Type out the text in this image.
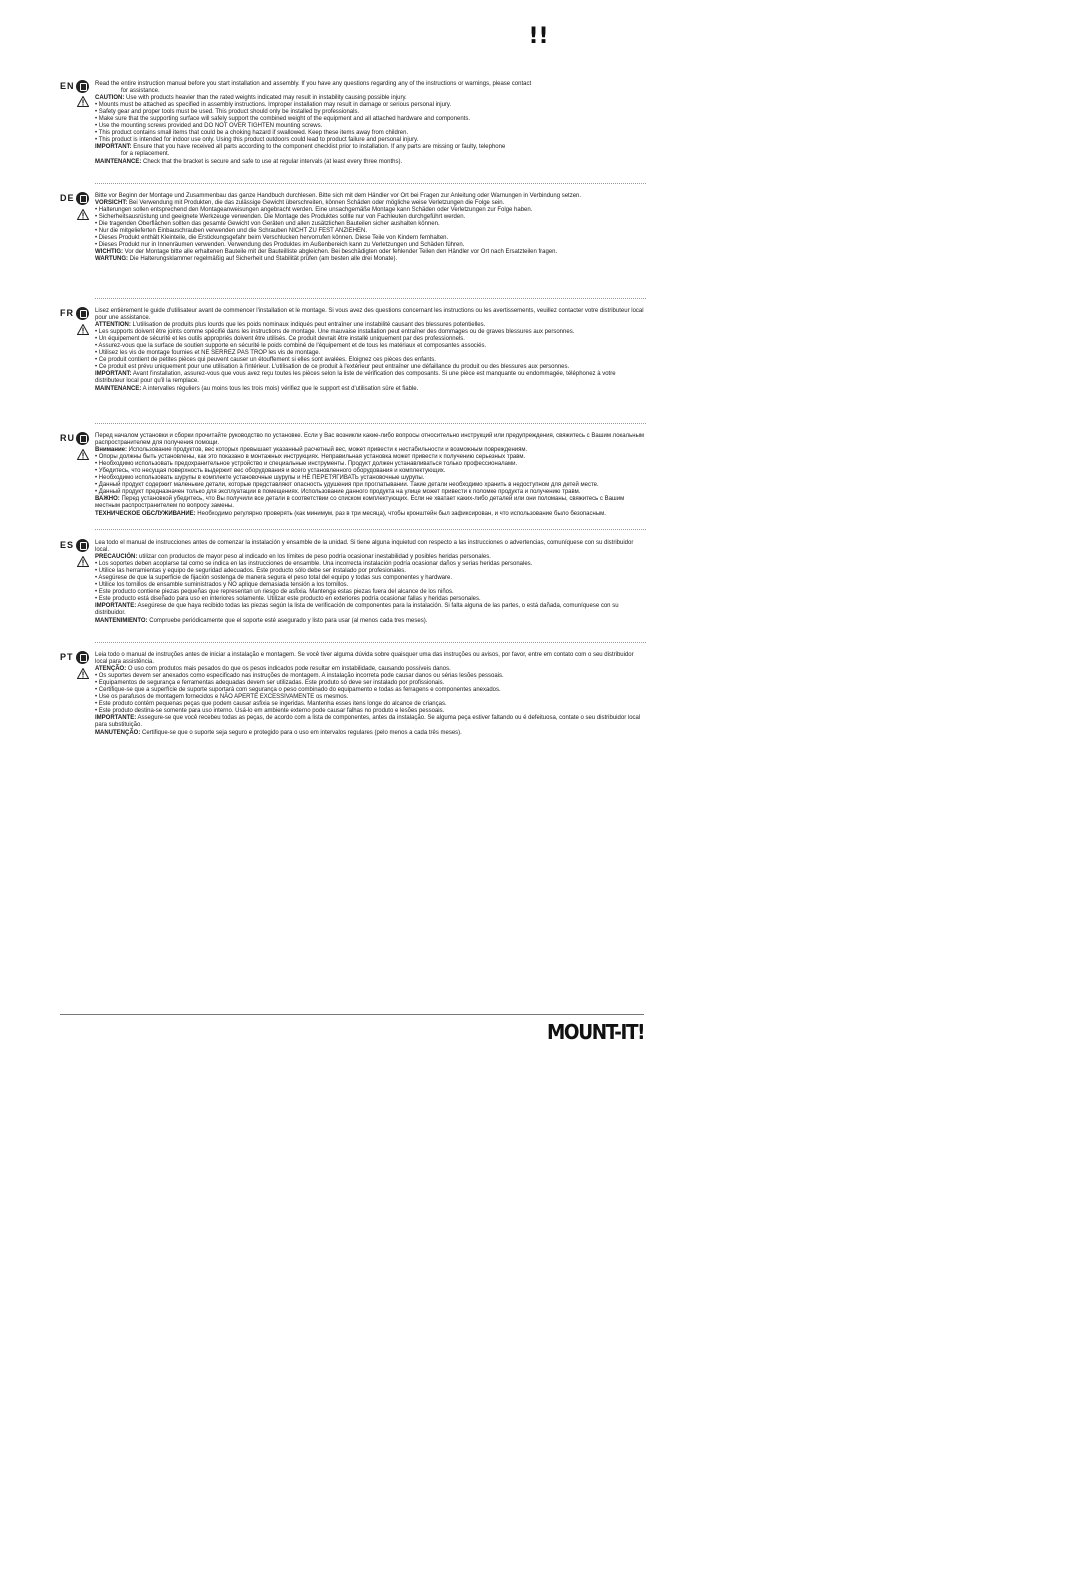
!!
EN	Read the entire instruction manual before you start installation and assembly. If you have any questions regarding any of the instructions or warnings, please contact

for assistance.

CAUTION: Use with products heavier than the rated weights indicated may result in instability causing possible injury.

• Mounts must be attached as specified in assembly instructions. Improper installation may result in damage or serious personal injury.

• Safety gear and proper tools must be used. This product should only be installed by professionals.

• Make sure that the supporting surface will safely support the combined weight of the equipment and all attached hardware and components.

• Use the mounting screws provided and DO NOT OVER TIGHTEN mounting screws.

• This product contains small items that could be a choking hazard if swallowed. Keep these items away from children.

• This product is intended for indoor use only. Using this product outdoors could lead to product failure and personal injury.

IMPORTANT: Ensure that you have received all parts according to the component checklist prior to installation. If any parts are missing or faulty, telephone

for a replacement.

MAINTENANCE: Check that the bracket is secure and safe to use at regular intervals (at least every three months).

DE	Bitte vor Beginn der Montage und Zusammenbau das ganze Handbuch durchlesen. Bitte sich mit dem Händler vor Ort bei Fragen zur Anleitung oder Warnungen in Verbindung setzen.

VORSICHT: Bei Verwendung mit Produkten, die das zulässige Gewicht überschreiten, können Schäden oder mögliche weise Verletzungen die Folge sein.

• Halterungen sollen entsprechend den Montageanweisungen angebracht werden. Eine unsachgemäße Montage kann Schäden oder Verletzungen zur Folge haben.

• Sicherheitsausrüstung und geeignete Werkzeuge verwenden. Die Montage des Produktes sollte nur von Fachleuten durchgeführt werden.

• Die tragenden Oberflächen sollten das gesamte Gewicht von Geräten und allen zusätzlichen Bauteilen sicher aushalten können.

• Nur die mitgelieferten Einbauschrauben verwenden und die Schrauben NICHT ZU FEST ANZIEHEN.

• Dieses Produkt enthält Kleinteile, die Erstickungsgefahr beim Verschlucken hervorrufen können. Diese Teile von Kindern fernhalten.

• Dieses Produkt nur in Innenräumen verwenden. Verwendung des Produktes im Außenbereich kann zu Verletzungen und Schäden führen.

WICHTIG: Vor der Montage bitte alle erhaltenen Bauteile mit der Bauteilliste abgleichen. Bei beschädigten oder fehlender Teilen den Händler vor Ort nach Ersatzteilen fragen.

WARTUNG: Die Halterungsklammer regelmäßig auf Sicherheit und Stabilität prüfen (am besten alle drei Monate).

FR	Lisez entièrement le guide d'utilisateur avant de commencer l'installation et le montage. Si vous avez des questions concernant les instructions ou les avertissements, veuillez contacter votre distributeur local pour une assistance.

ATTENTION: L'utilisation de produits plus lourds que les poids nominaux indiqués peut entraîner une instabilité causant des blessures potentielles.

• Les supports doivent être joints comme spécifié dans les instructions de montage. Une mauvaise installation peut entraîner des dommages ou de graves blessures aux personnes.

• Un équipement de sécurité et les outils appropriés doivent être utilisés. Ce produit devrait être installé uniquement par des professionnels.

• Assurez-vous que la surface de soutien supporte en sécurité le poids combiné de l'équipement et de tous les matériaux et composantes associés.

• Utilisez les vis de montage fournies et NE SERREZ PAS TROP les vis de montage.

• Ce produit contient de petites pièces qui peuvent causer un étouffement si elles sont avalées. Eloignez ces pièces des enfants.

• Ce produit est prévu uniquement pour une utilisation à l'intérieur. L'utilisation de ce produit à l'extérieur peut entraîner une défaillance du produit ou des blessures aux personnes.

IMPORTANT: Avant l'installation, assurez-vous que vous avez reçu toutes les pièces selon la liste de vérification des composants. Si une pièce est manquante ou endommagée, téléphonez à votre distributeur local pour qu'il la remplace.

MAINTENANCE: A intervalles réguliers (au moins tous les trois mois) vérifiez que le support est d'utilisation sûre et fiable.

RU	Перед началом установки и сборки прочитайте руководство по установке. Если у Вас возникли какие-либо вопросы относительно инструкций или предупреждения, свяжитесь с Вашим локальным распространителем для получения помощи.

Внимание: Использование продуктов, вес которых превышает указанный расчетный вес, может привести к нестабильности и возможным повреждениям.

• Опоры должны быть установлены, как это показано в монтажных инструкциях. Неправильная установка может привести к получению серьезных травм.

• Необходимо использовать предохранительное устройство и специальные инструменты. Продукт должен устанавливаться только профессионалами.

• Убедитесь, что несущая поверхность выдержит вес оборудования и всего установленного оборудования и комплектующих.

• Необходимо использовать шурупы в комплекте установочные шурупы и НЕ ПЕРЕТЯГИВАТЬ установочные шурупы.

• Данный продукт содержит маленькие детали, которые представляют опасность удушения при проглатывании. Такие детали необходимо хранить в недоступном для детей месте.

• Данный продукт предназначен только для эксплуатации в помещениях. Использование данного продукта на улице может привести к поломке продукта и получению травм.

ВАЖНО: Перед установкой убедитесь, что Вы получили все детали в соответствии со списком комплектующих. Если не хватает каких-либо деталей или они поломаны, свяжитесь с Вашим местным распространителем по вопросу замены.

ТЕХНИЧЕСКОЕ ОБСЛУЖИВАНИЕ: Необходимо регулярно проверять (как минимум, раз в три месяца), чтобы кронштейн был зафиксирован, и что использование было безопасным.

ES	Lea todo el manual de instrucciones antes de comenzar la instalación y ensamble de la unidad. Si tiene alguna inquietud con respecto a las instrucciones o advertencias, comuníquese con su distribuidor local.

PRECAUCIÓN: utilizar con productos de mayor peso al indicado en los límites de peso podría ocasionar inestabilidad y posibles heridas personales.

• Los soportes deben acoplarse tal como se indica en las instrucciones de ensamble. Una incorrecta instalación podría ocasionar daños y serias heridas personales.

• Utilice las herramientas y equipo de seguridad adecuados. Este producto sólo debe ser instalado por profesionales.

• Asegúrese de que la superficie de fijación sostenga de manera segura el peso total del equipo y todas sus componentes y hardware.

• Utilice los tornillos de ensamble suministrados y NO aplique demasiada tensión a los tornillos.

• Este producto contiene piezas pequeñas que representan un riesgo de asfixia. Mantenga estas piezas fuera del alcance de los niños.

• Este producto está diseñado para uso en interiores solamente. Utilizar este producto en exteriores podría ocasionar fallas y heridas personales.

IMPORTANTE: Asegúrese de que haya recibido todas las piezas según la lista de verificación de componentes para la instalación. Si falta alguna de las partes, o está dañada, comuníquese con su distribuidor.

MANTENIMIENTO: Compruebe periódicamente que el soporte esté asegurado y listo para usar (al menos cada tres meses).

PT	Leia todo o manual de instruções antes de iniciar a instalação e montagem. Se você tiver alguma dúvida sobre quaisquer uma das instruções ou avisos, por favor, entre em contato com o seu distribuidor local para assistência.

ATENÇÃO: O uso com produtos mais pesados do que os pesos indicados pode resultar em instabilidade, causando possíveis danos.

• Os suportes devem ser anexados como especificado nas instruções de montagem. A instalação incorreta pode causar danos ou sérias lesões pessoais.

• Equipamentos de segurança e ferramentas adequadas devem ser utilizadas. Este produto só deve ser instalado por profissionais.

• Certifique-se que a superfície de suporte suportará com segurança o peso combinado do equipamento e todas as ferragens e componentes anexados.

• Use os parafusos de montagem fornecidos e NÃO APERTE EXCESSIVAMENTE os mesmos.

• Este produto contém pequenas peças que podem causar asfixia se ingeridas. Mantenha esses itens longe do alcance de crianças.

• Este produto destina-se somente para uso interno. Usá-lo em ambiente externo pode causar falhas no produto e lesões pessoais.

IMPORTANTE: Assegure-se que você recebeu todas as peças, de acordo com a lista de componentes, antes da instalação. Se alguma peça estiver faltando ou é defeituosa, contate o seu distribuidor local para substituição.

MANUTENÇÃO: Certifique-se que o suporte seja seguro e protegido para o uso em intervalos regulares (pelo menos a cada três meses).

MOUNT-IT!
